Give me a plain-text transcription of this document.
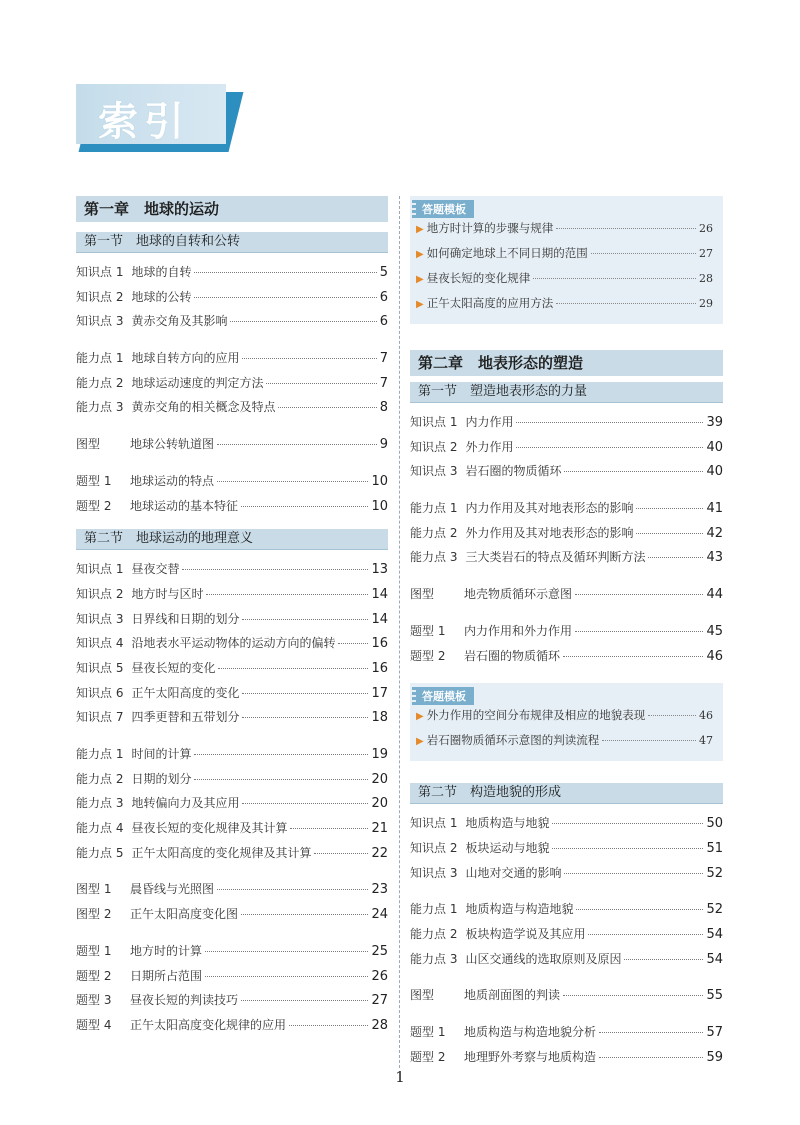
索引
第一章　地球的运动
第一节　地球的自转和公转
知识点 1 地球的自转	5
知识点 2 地球的公转	6
知识点 3 黄赤交角及其影响	6
能力点 1 地球自转方向的应用	7
能力点 2 地球运动速度的判定方法	7
能力点 3 黄赤交角的相关概念及特点	8
图型 地球公转轨道图	9
题型 1 地球运动的特点	10
题型 2 地球运动的基本特征	10
第二节　地球运动的地理意义
知识点 1 昼夜交替	13
知识点 2 地方时与区时	14
知识点 3 日界线和日期的划分	14
知识点 4 沿地表水平运动物体的运动方向的偏转	16
知识点 5 昼夜长短的变化	16
知识点 6 正午太阳高度的变化	17
知识点 7 四季更替和五带划分	18
能力点 1 时间的计算	19
能力点 2 日期的划分	20
能力点 3 地转偏向力及其应用	20
能力点 4 昼夜长短的变化规律及其计算	21
能力点 5 正午太阳高度的变化规律及其计算	22
图型 1 晨昏线与光照图	23
图型 2 正午太阳高度变化图	24
题型 1 地方时的计算	25
题型 2 日期所占范围	26
题型 3 昼夜长短的判读技巧	27
题型 4 正午太阳高度变化规律的应用	28
答题模板
▶ 地方时计算的步骤与规律	26
▶ 如何确定地球上不同日期的范围	27
▶ 昼夜长短的变化规律	28
▶ 正午太阳高度的应用方法	29
第二章　地表形态的塑造
第一节　塑造地表形态的力量
知识点 1 内力作用	39
知识点 2 外力作用	40
知识点 3 岩石圈的物质循环	40
能力点 1 内力作用及其对地表形态的影响	41
能力点 2 外力作用及其对地表形态的影响	42
能力点 3 三大类岩石的特点及循环判断方法	43
图型 地壳物质循环示意图	44
题型 1 内力作用和外力作用	45
题型 2 岩石圈的物质循环	46
答题模板
▶ 外力作用的空间分布规律及相应的地貌表现	46
▶ 岩石圈物质循环示意图的判读流程	47
第二节　构造地貌的形成
知识点 1 地质构造与地貌	50
知识点 2 板块运动与地貌	51
知识点 3 山地对交通的影响	52
能力点 1 地质构造与构造地貌	52
能力点 2 板块构造学说及其应用	54
能力点 3 山区交通线的选取原则及原因	54
图型 地质剖面图的判读	55
题型 1 地质构造与构造地貌分析	57
题型 2 地理野外考察与地质构造	59
1
